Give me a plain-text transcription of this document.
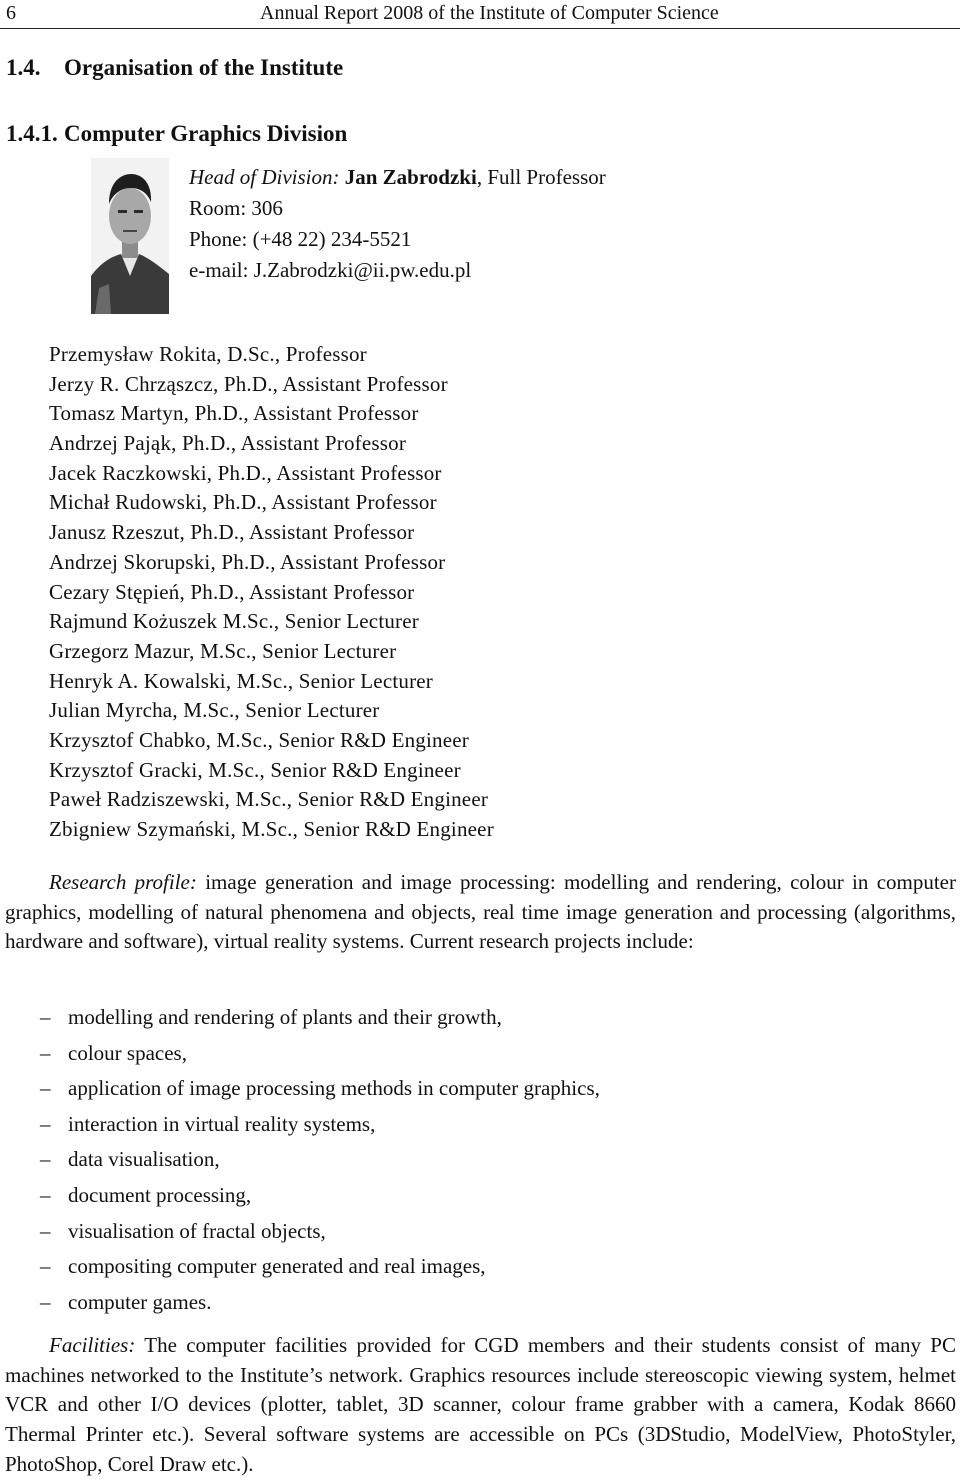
6	Annual Report 2008 of the Institute of Computer Science
1.4. Organisation of the Institute
1.4.1. Computer Graphics Division
Head of Division: Jan Zabrodzki, Full Professor
Room: 306
Phone: (+48 22) 234-5521
e-mail: J.Zabrodzki@ii.pw.edu.pl
Przemysław Rokita, D.Sc., Professor
Jerzy R. Chrząszcz, Ph.D., Assistant Professor
Tomasz Martyn, Ph.D., Assistant Professor
Andrzej Pająk, Ph.D., Assistant Professor
Jacek Raczkowski, Ph.D., Assistant Professor
Michał Rudowski, Ph.D., Assistant Professor
Janusz Rzeszut, Ph.D., Assistant Professor
Andrzej Skorupski, Ph.D., Assistant Professor
Cezary Stępień, Ph.D., Assistant Professor
Rajmund Kożuszek M.Sc., Senior Lecturer
Grzegorz Mazur, M.Sc., Senior Lecturer
Henryk A. Kowalski, M.Sc., Senior Lecturer
Julian Myrcha, M.Sc., Senior Lecturer
Krzysztof Chabko, M.Sc., Senior R&D Engineer
Krzysztof Gracki, M.Sc., Senior R&D Engineer
Paweł Radziszewski, M.Sc., Senior R&D Engineer
Zbigniew Szymański, M.Sc., Senior R&D Engineer
Research profile: image generation and image processing: modelling and rendering, colour in computer graphics, modelling of natural phenomena and objects, real time image generation and processing (algorithms, hardware and software), virtual reality systems. Current research projects include:
– modelling and rendering of plants and their growth,
– colour spaces,
– application of image processing methods in computer graphics,
– interaction in virtual reality systems,
– data visualisation,
– document processing,
– visualisation of fractal objects,
– compositing computer generated and real images,
– computer games.
Facilities: The computer facilities provided for CGD members and their students consist of many PC machines networked to the Institute’s network. Graphics resources include stereoscopic viewing system, helmet VCR and other I/O devices (plotter, tablet, 3D scanner, colour frame grabber with a camera, Kodak 8660 Thermal Printer etc.). Several software systems are accessible on PCs (3DStudio, ModelView, PhotoStyler, PhotoShop, Corel Draw etc.).
